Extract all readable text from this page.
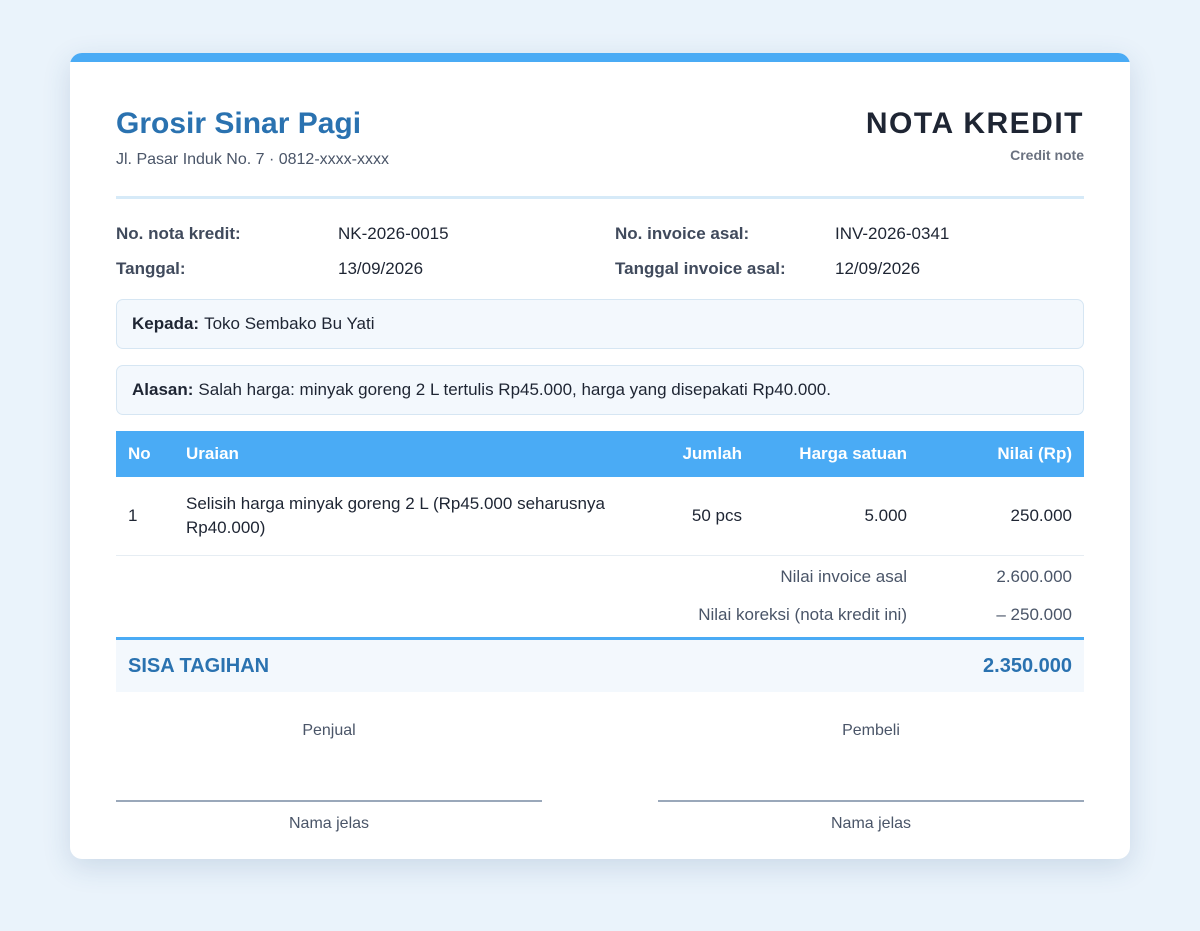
Grosir Sinar Pagi
Jl. Pasar Induk No. 7 · 0812-xxxx-xxxx
NOTA KREDIT
Credit note
No. nota kredit:	NK-2026-0015	No. invoice asal:	INV-2026-0341
Tanggal:	13/09/2026	Tanggal invoice asal:	12/09/2026
Kepada: Toko Sembako Bu Yati
Alasan: Salah harga: minyak goreng 2 L tertulis Rp45.000, harga yang disepakati Rp40.000.
No	Uraian	Jumlah	Harga satuan	Nilai (Rp)
1	Selisih harga minyak goreng 2 L (Rp45.000 seharusnya Rp40.000)	50 pcs	5.000	250.000
Nilai invoice asal				2.600.000
Nilai koreksi (nota kredit ini)				– 250.000
SISA TAGIHAN	2.350.000
Penjual
Nama jelas
Pembeli
Nama jelas
